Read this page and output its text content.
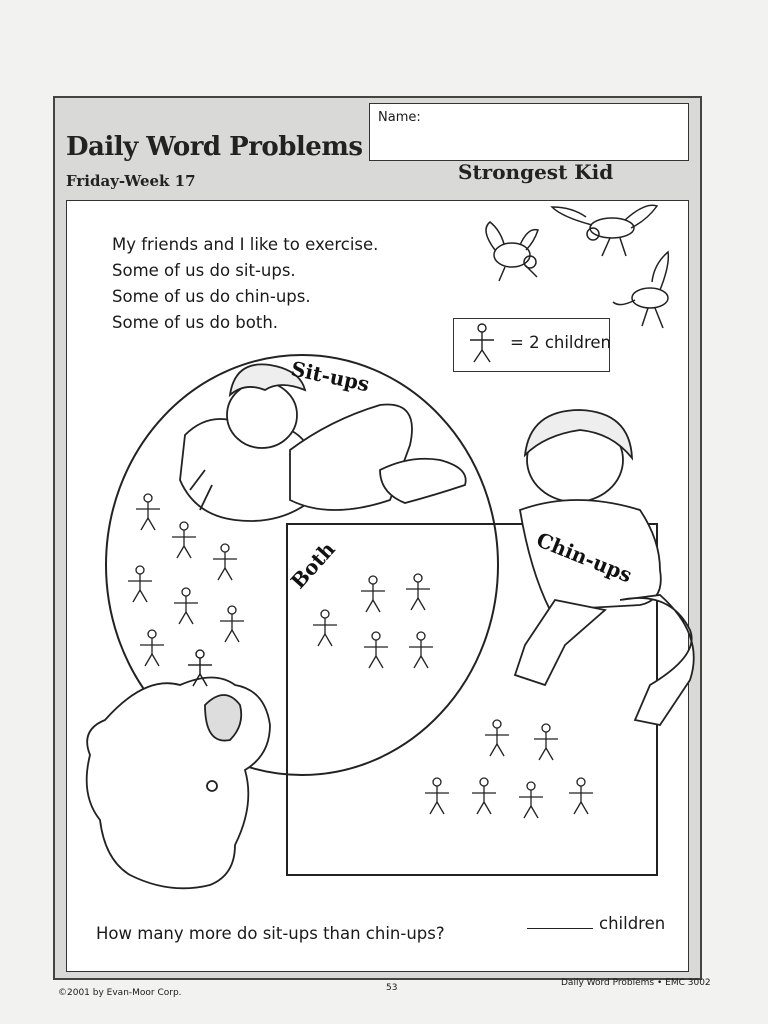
Daily Word Problems
Friday-Week 17
Name:
Strongest Kid
My friends and I like to exercise.
Some of us do sit-ups.
Some of us do chin-ups.
Some of us do both.
= 2 children
Sit-ups
Chin-ups
Both
How many more do sit-ups than chin-ups?
children
©2001 by Evan-Moor Corp.	53	Daily Word Problems • EMC 3002
